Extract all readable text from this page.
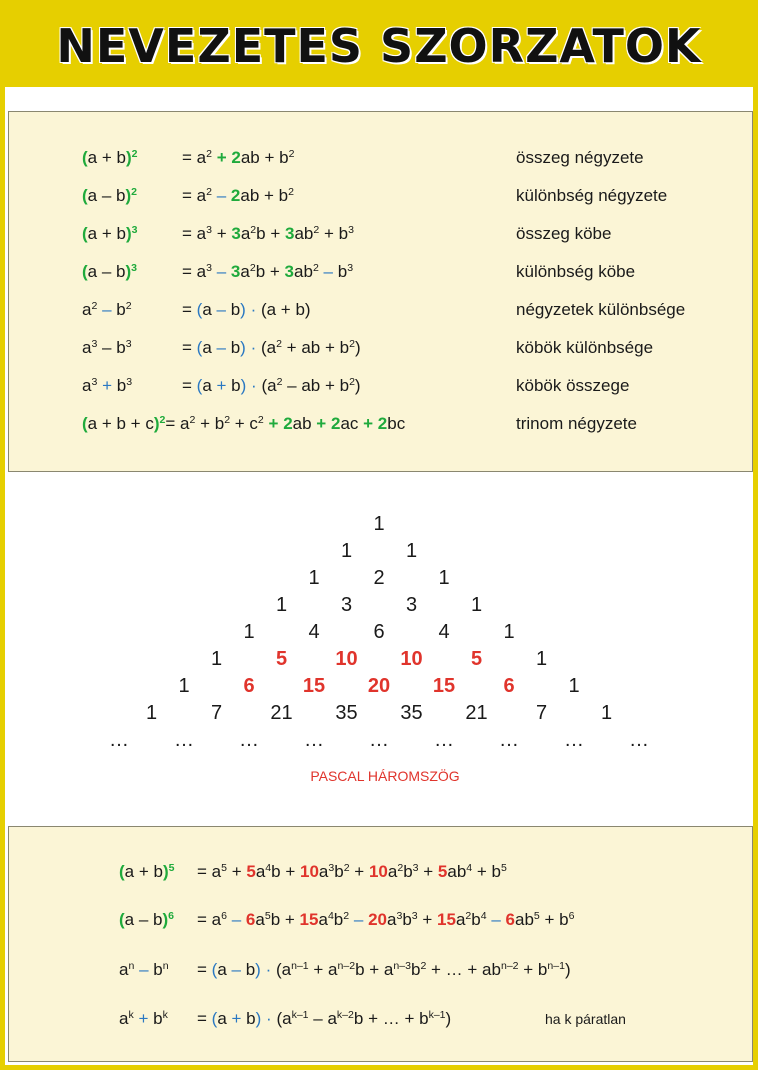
NEVEZETES SZORZATOK
$(a + b)^2$	= $a^2 + 2ab + b^2$	összeg négyzete
(a – b)$^2$	= $a^2 - 2ab + b^2$	különbség négyzete
$(a + b)^3$	= $a^3 + 3a^2b + 3ab^2 + b^3$	összeg köbe
(a – b)$^3$	= $a^3 - 3a^2b + 3ab^2 - b^3$	különbség köbe
$a^2 - b^2$	= (a – b) · (a + b)	négyzetek különbsége
$a^3 - b^3$	= $(a - b) \cdot (a^2$ + ab + $b^2$)	köbök különbsége
$a^3 + b^3$	= $(a + b) \cdot (a^2$ – ab + $b^2$)	köbök összege
$(a + b + c)^2= a^2 + b^2 + c^2 + 2ab + 2ac + 2bc$	trinom négyzete
1
1	1
1	2	1
1	3	3	1
1	4	6	4	1
1	5 10 10 5	1
1	6 15 20 15 6	1
1	7 21 35 35 21 7	1
… … … … … … … … …
PASCAL HÁROMSZÖG
$(a + b)^5 = a^5 + 5a^4b + 10a^3b^2 + 10a^2b^3 + 5ab^4 + b^5$
$(a - b)^6 = a^6 - 6a^5b + 15a^4b^2 - 20a^3b^3 + 15a^2b^4 - 6ab^5 + b^6$
$a^n - b^n = (a - b) \cdot (a^{n-1} + a^{n-2}b + a^{n-3}b^2$ + … + $ab^{n-2} + b^{n-1}$)
$a^k + b^k = (a + b) \cdot (a^{k-1} - a^{k-2}b$ + … + $b^{k-1}$)	ha k páratlan
